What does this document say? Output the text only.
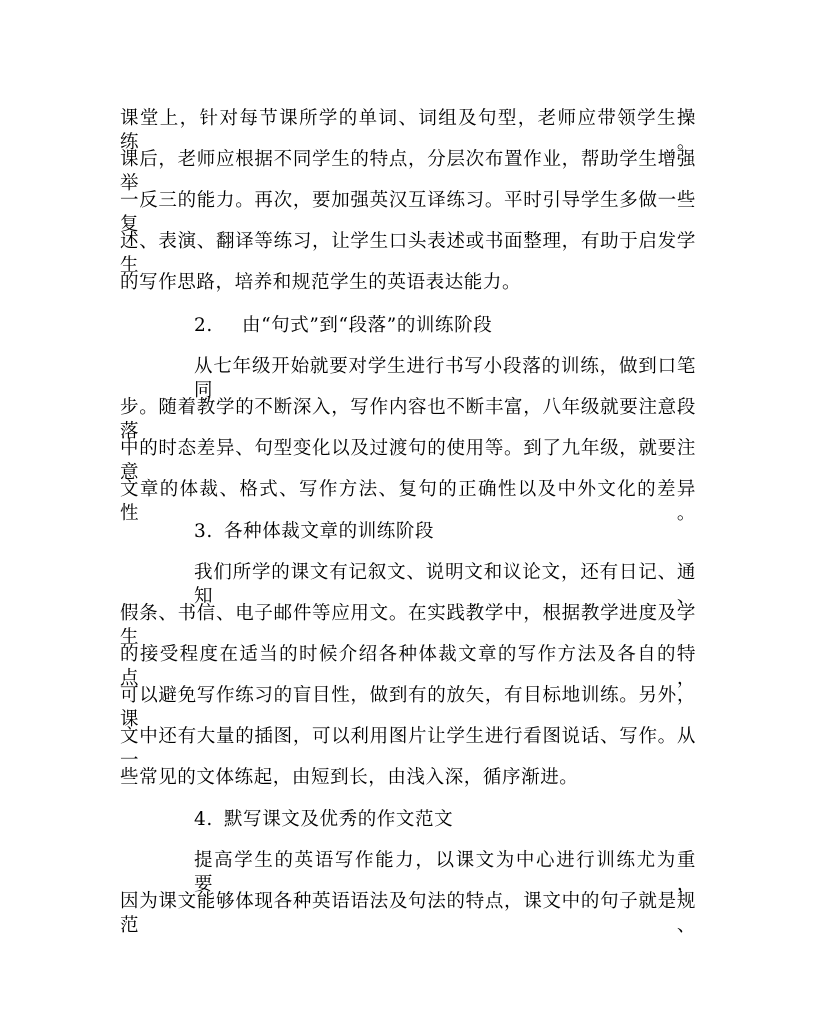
课堂上，针对每节课所学的单词、词组及句型，老师应带领学生操练。
课后，老师应根据不同学生的特点，分层次布置作业，帮助学生增强举
一反三的能力。再次，要加强英汉互译练习。平时引导学生多做一些复
述、表演、翻译等练习，让学生口头表述或书面整理，有助于启发学生
的写作思路，培养和规范学生的英语表达能力。
2. 由“句式”到“段落”的训练阶段
从七年级开始就要对学生进行书写小段落的训练，做到口笔同
步。随着教学的不断深入，写作内容也不断丰富，八年级就要注意段落
中的时态差异、句型变化以及过渡句的使用等。到了九年级，就要注意
文章的体裁、格式、写作方法、复句的正确性以及中外文化的差异性。
3. 各种体裁文章的训练阶段
我们所学的课文有记叙文、说明文和议论文，还有日记、通知、
假条、书信、电子邮件等应用文。在实践教学中，根据教学进度及学生
的接受程度在适当的时候介绍各种体裁文章的写作方法及各自的特点，
可以避免写作练习的盲目性，做到有的放矢，有目标地训练。另外，课
文中还有大量的插图，可以利用图片让学生进行看图说话、写作。从一
些常见的文体练起，由短到长，由浅入深，循序渐进。
4. 默写课文及优秀的作文范文
提高学生的英语写作能力，以课文为中心进行训练尤为重要，
因为课文能够体现各种英语语法及句法的特点，课文中的句子就是规范、
